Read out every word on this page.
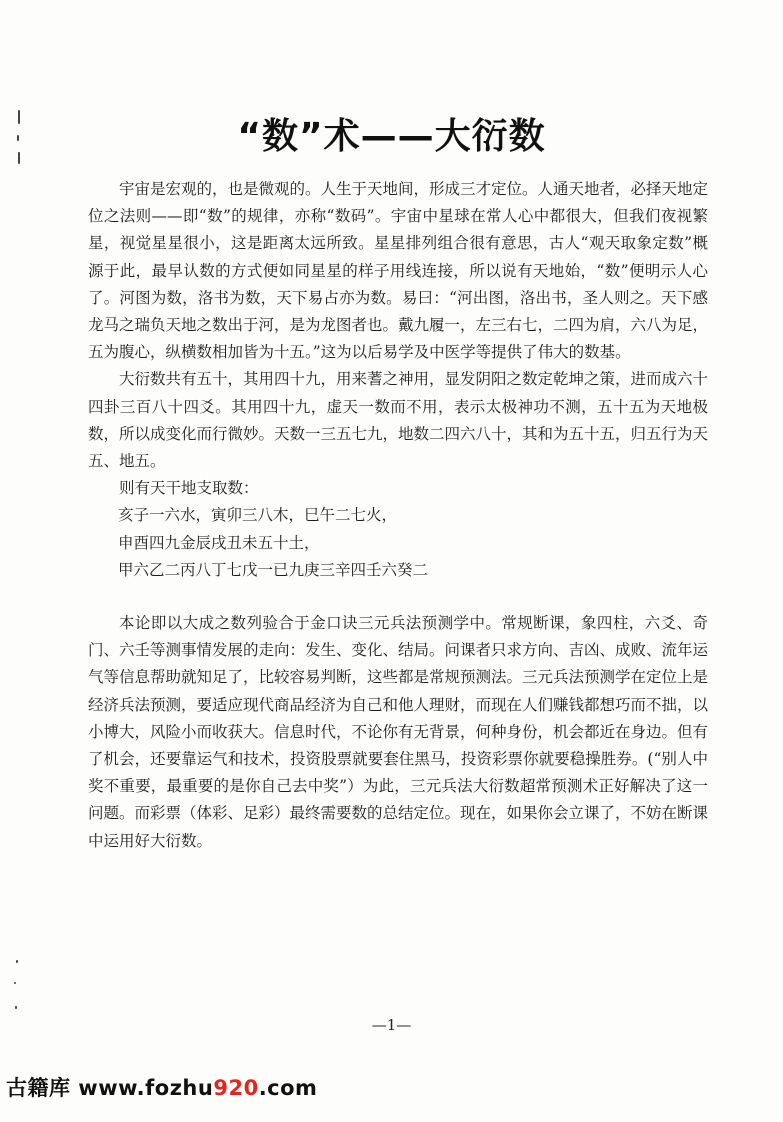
“数”术——大衍数

宇宙是宏观的，也是微观的。人生于天地间，形成三才定位。人通天地者，必择天地定位之法则——即“数”的规律，亦称“数码”。宇宙中星球在常人心中都很大，但我们夜视繁星，视觉星星很小，这是距离太远所致。星星排列组合很有意思，古人“观天取象定数”概源于此，最早认数的方式便如同星星的样子用线连接，所以说有天地始，“数”便明示人心了。河图为数，洛书为数，天下易占亦为数。易曰：“河出图，洛出书，圣人则之。天下感龙马之瑞负天地之数出于河，是为龙图者也。戴九履一，左三右七，二四为肩，六八为足，五为腹心，纵横数相加皆为十五。”这为以后易学及中医学等提供了伟大的数基。

大衍数共有五十，其用四十九，用来蓍之神用，显发阴阳之数定乾坤之策，进而成六十四卦三百八十四爻。其用四十九，虚天一数而不用，表示太极神功不测，五十五为天地极数，所以成变化而行微妙。天数一三五七九，地数二四六八十，其和为五十五，归五行为天五、地五。

则有天干地支取数：

亥子一六水，寅卯三八木，巳午二七火，
申酉四九金辰戌丑未五十土，
甲六乙二丙八丁七戊一已九庚三辛四壬六癸二

本论即以大成之数列验合于金口诀三元兵法预测学中。常规断课，象四柱，六爻、奇门、六壬等测事情发展的走向：发生、变化、结局。问课者只求方向、吉凶、成败、流年运气等信息帮助就知足了，比较容易判断，这些都是常规预测法。三元兵法预测学在定位上是经济兵法预测，要适应现代商品经济为自己和他人理财，而现在人们赚钱都想巧而不拙，以小博大，风险小而收获大。信息时代，不论你有无背景，何种身份，机会都近在身边。但有了机会，还要靠运气和技术，投资股票就要套住黑马，投资彩票你就要稳操胜券。(“别人中奖不重要，最重要的是你自己去中奖”）为此，三元兵法大衍数超常预测术正好解决了这一问题。而彩票（体彩、足彩）最终需要数的总结定位。现在，如果你会立课了，不妨在断课中运用好大衍数。

—1—
古籍库 www.fozhu920.com
